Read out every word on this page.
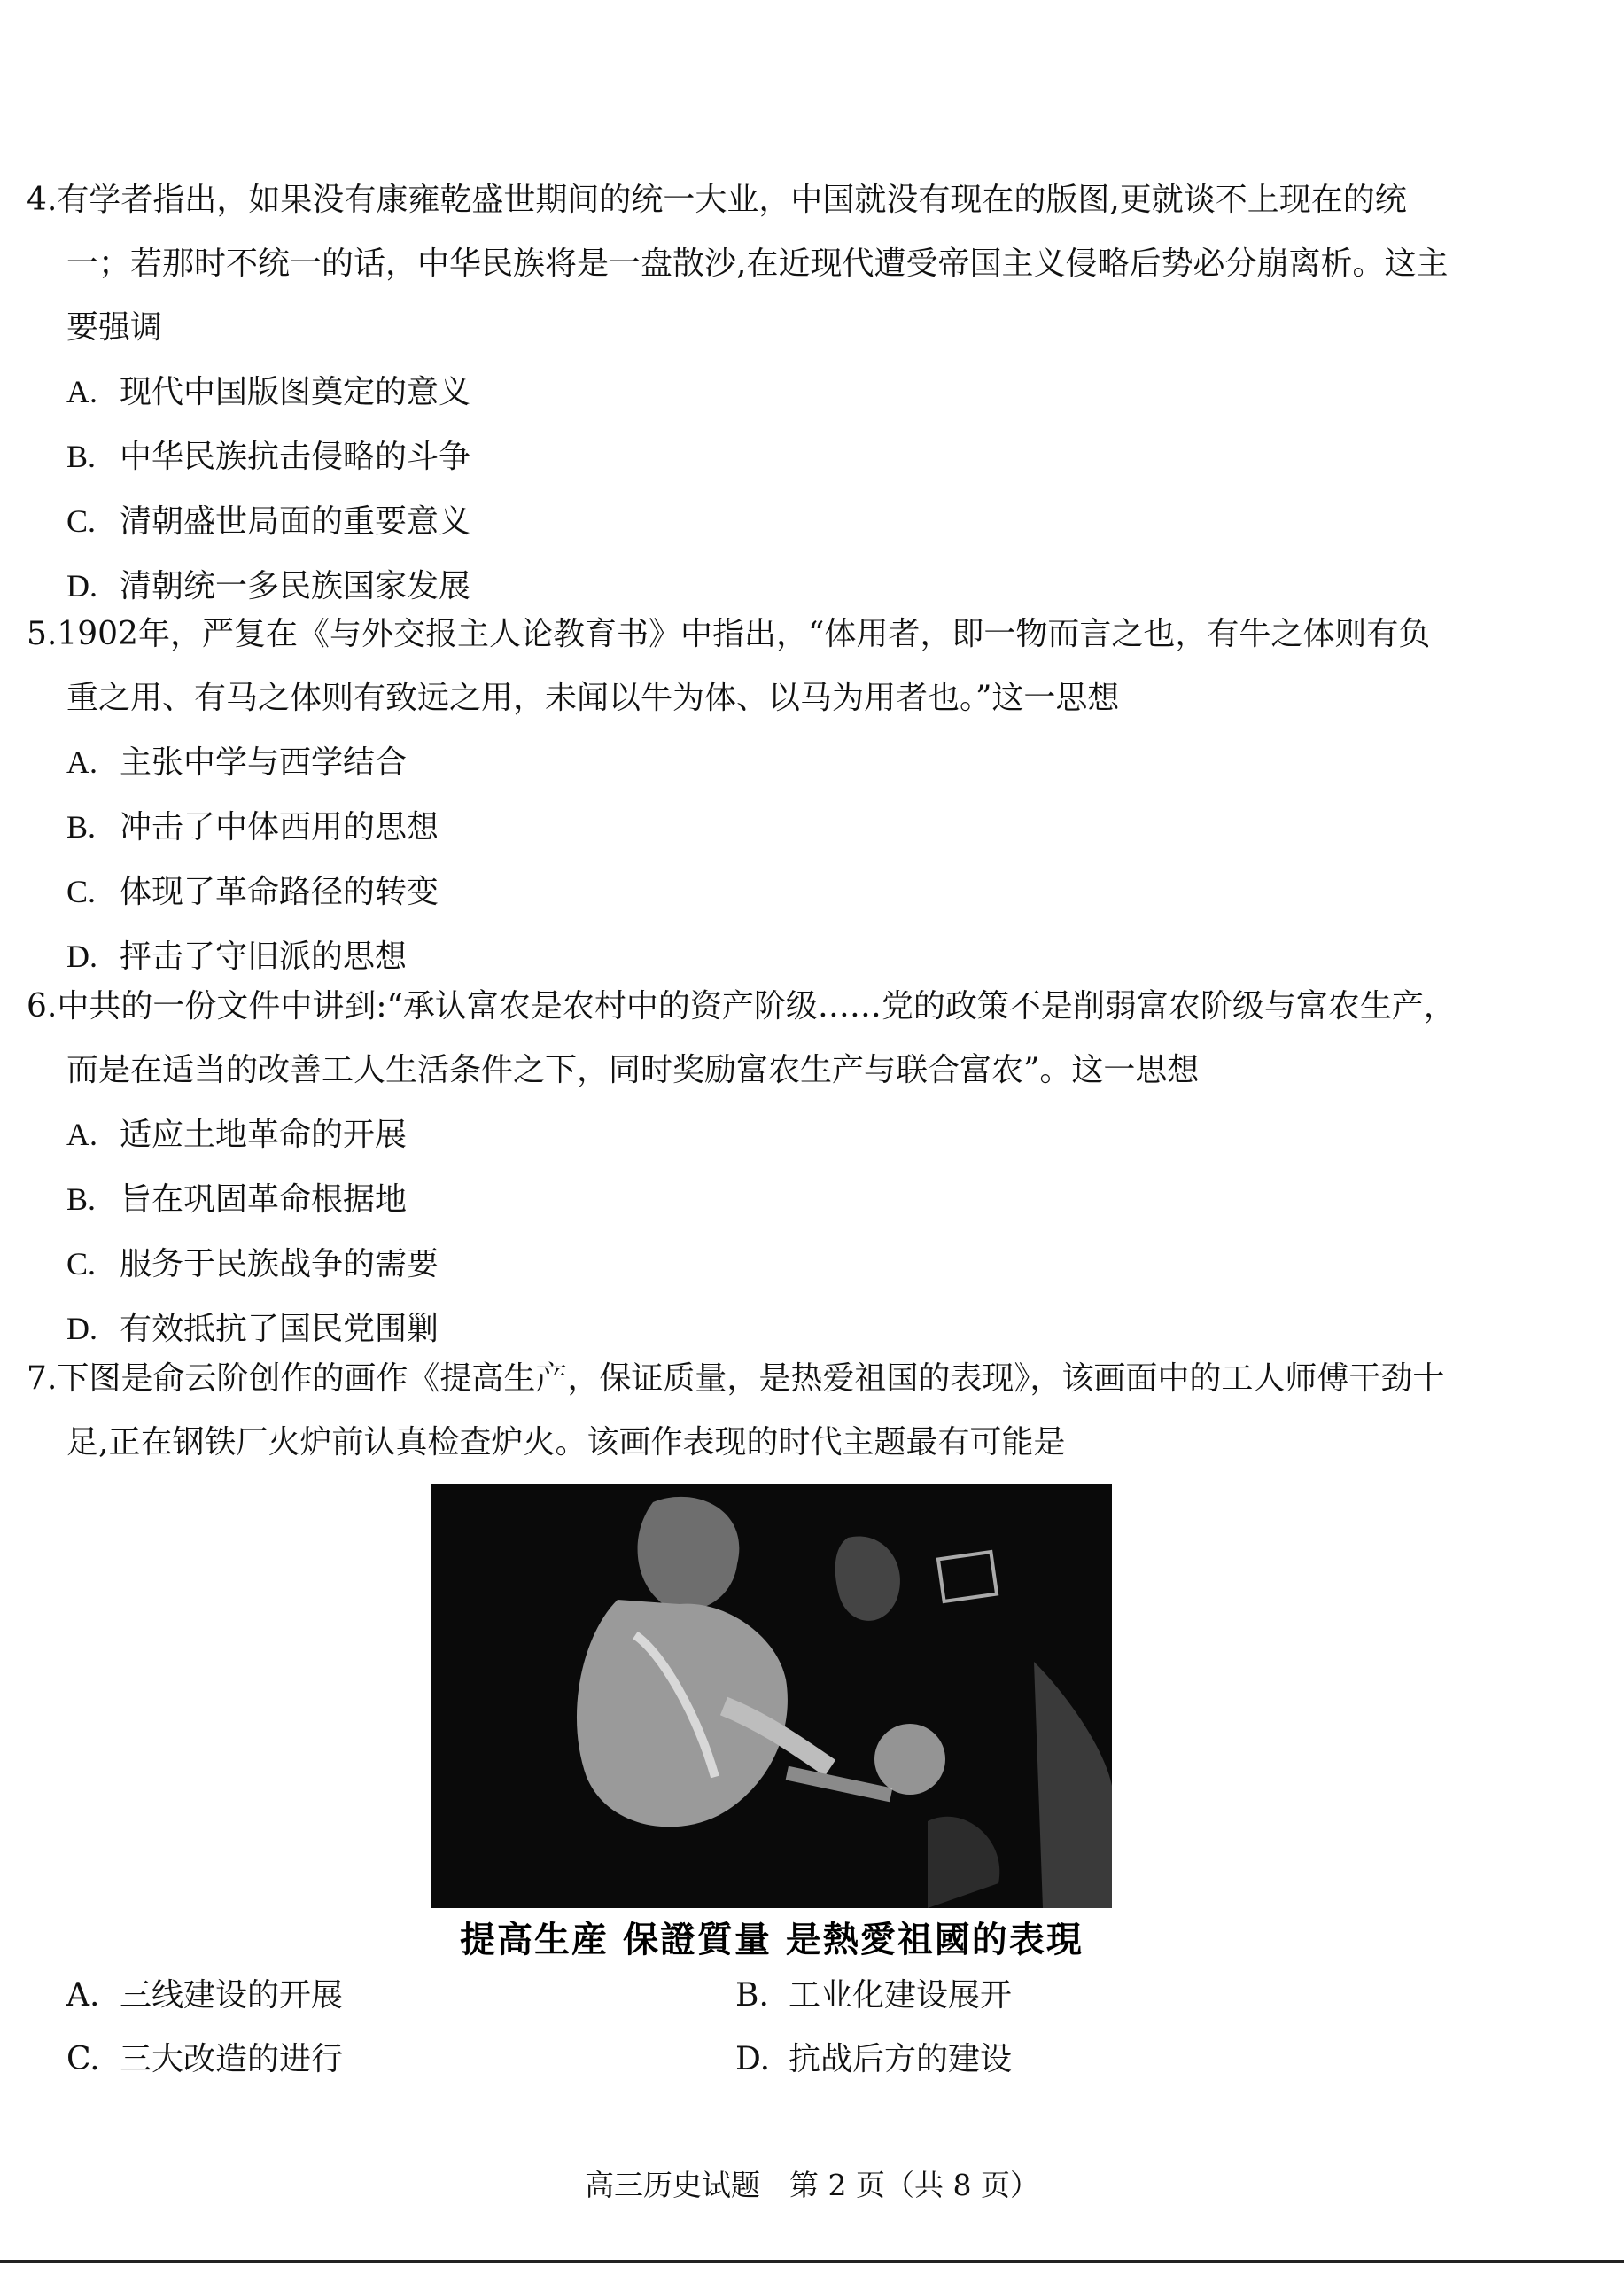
4.有学者指出，如果没有康雍乾盛世期间的统一大业，中国就没有现在的版图,更就谈不上现在的统一；若那时不统一的话，中华民族将是一盘散沙,在近现代遭受帝国主义侵略后势必分崩离析。这主要强调

A. 现代中国版图奠定的意义
B. 中华民族抗击侵略的斗争
C. 清朝盛世局面的重要意义
D. 清朝统一多民族国家发展

5.1902年，严复在《与外交报主人论教育书》中指出，“体用者，即一物而言之也，有牛之体则有负重之用、有马之体则有致远之用，未闻以牛为体、以马为用者也。”这一思想

A. 主张中学与西学结合
B. 冲击了中体西用的思想
C. 体现了革命路径的转变
D. 抨击了守旧派的思想

6.中共的一份文件中讲到:“承认富农是农村中的资产阶级……党的政策不是削弱富农阶级与富农生产，而是在适当的改善工人生活条件之下，同时奖励富农生产与联合富农”。这一思想

A. 适应土地革命的开展
B. 旨在巩固革命根据地
C. 服务于民族战争的需要
D. 有效抵抗了国民党围剿

7.下图是俞云阶创作的画作《提高生产，保证质量，是热爱祖国的表现》，该画面中的工人师傅干劲十足,正在钢铁厂火炉前认真检查炉火。该画作表现的时代主题最有可能是

提高生産 保證質量 是熱愛祖國的表現
A. 三线建设的开展	B. 工业化建设展开
C. 三大改造的进行	D. 抗战后方的建设
高三历史试题　第 2 页（共 8 页）
